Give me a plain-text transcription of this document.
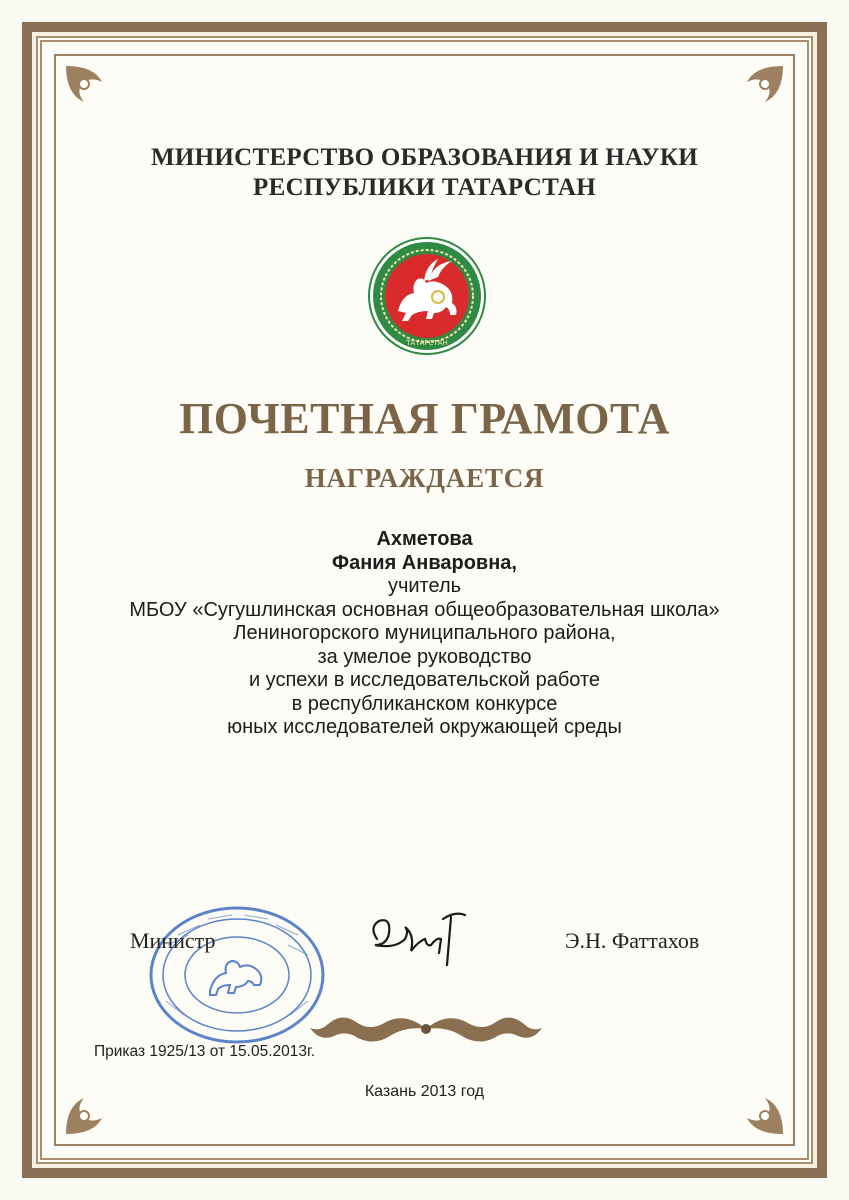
МИНИСТЕРСТВО ОБРАЗОВАНИЯ И НАУКИ
РЕСПУБЛИКИ ТАТАРСТАН
ТАТАРСТАН
ПОЧЕТНАЯ ГРАМОТА
НАГРАЖДАЕТСЯ
Ахметова
Фания Анваровна,
учитель
МБОУ «Сугушлинская основная общеобразовательная школа»
Лениногорского муниципального района,
за умелое руководство
и успехи в исследовательской работе
в республиканском конкурсе
юных исследователей окружающей среды
Министр	Э.Н. Фаттахов
Приказ 1925/13 от 15.05.2013г.
Казань 2013 год
